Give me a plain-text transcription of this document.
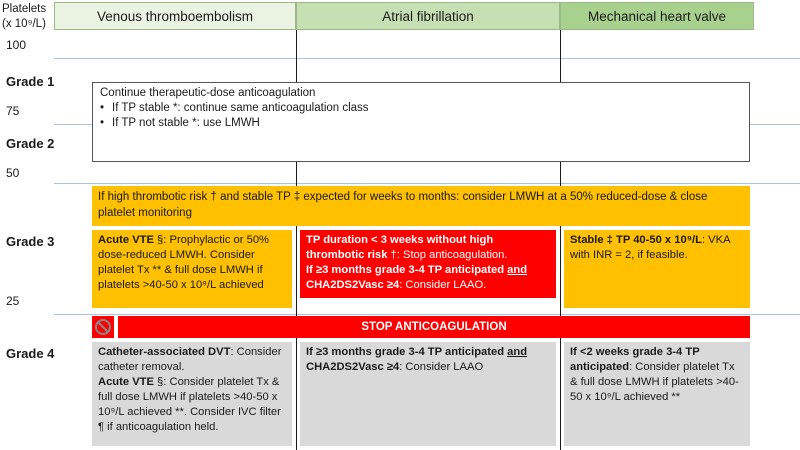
Platelets (x 10⁹/L)
100
75
50
25
Grade 1
Grade 2
Grade 3
Grade 4
Venous thromboembolism	Atrial fibrillation	Mechanical heart valve
Continue therapeutic-dose anticoagulation
• If TP stable *: continue same anticoagulation class
• If TP not stable *: use LMWH
If high thrombotic risk † and stable TP ‡ expected for weeks to months: consider LMWH at a 50% reduced-dose & close platelet monitoring
Acute VTE §: Prophylactic or 50% dose-reduced LMWH. Consider platelet Tx ** & full dose LMWH if platelets >40-50 x 10⁹/L achieved
TP duration < 3 weeks without high thrombotic risk †: Stop anticoagulation.
If ≥3 months grade 3-4 TP anticipated and CHA2DS2Vasc ≥4: Consider LAAO.
Stable ‡ TP 40-50 x 10⁹/L: VKA with INR = 2, if feasible.
STOP ANTICOAGULATION
Catheter-associated DVT: Consider catheter removal.
Acute VTE §: Consider platelet Tx & full dose LMWH if platelets >40-50 x 10⁹/L achieved **. Consider IVC filter ¶ if anticoagulation held.
If ≥3 months grade 3-4 TP anticipated and CHA2DS2Vasc ≥4: Consider LAAO
If <2 weeks grade 3-4 TP anticipated: Consider platelet Tx & full dose LMWH if platelets >40-50 x 10⁹/L achieved **
